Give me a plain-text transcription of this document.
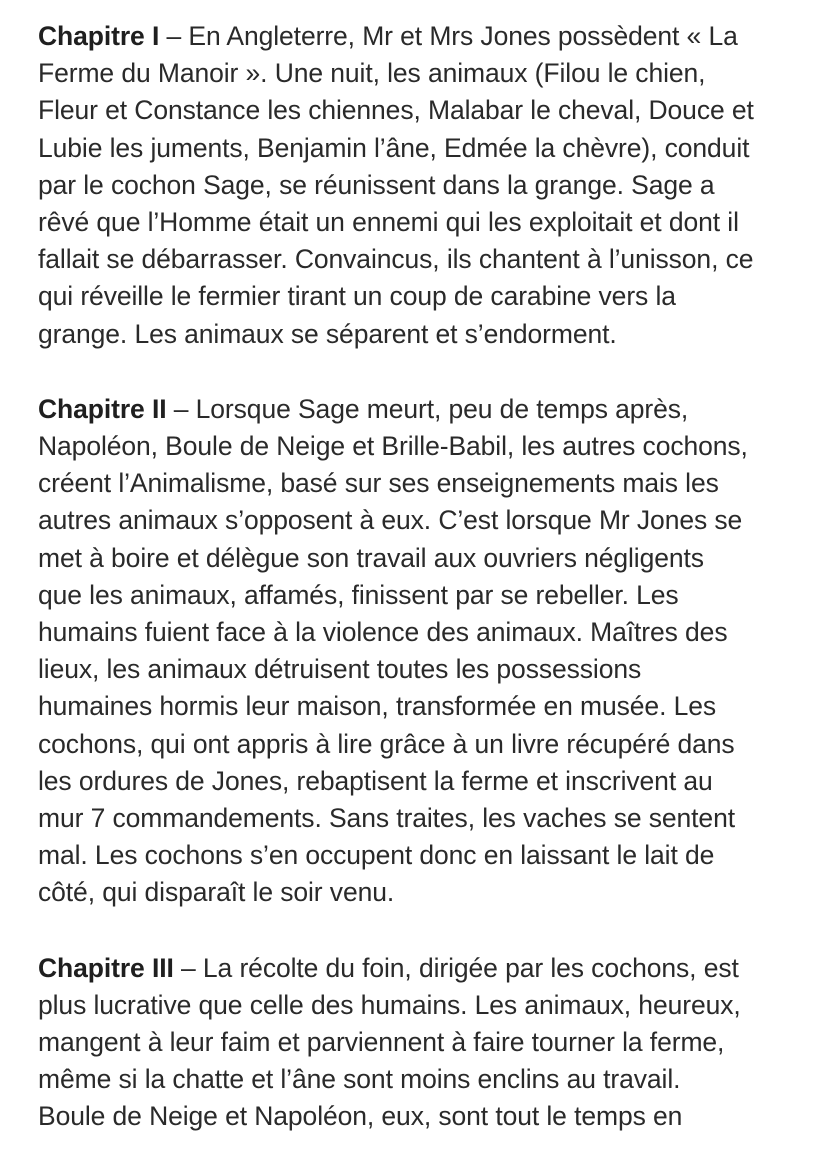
Chapitre I – En Angleterre, Mr et Mrs Jones possèdent « La
Ferme du Manoir ». Une nuit, les animaux (Filou le chien,
Fleur et Constance les chiennes, Malabar le cheval, Douce et
Lubie les juments, Benjamin l’âne, Edmée la chèvre), conduit
par le cochon Sage, se réunissent dans la grange. Sage a
rêvé que l’Homme était un ennemi qui les exploitait et dont il
fallait se débarrasser. Convaincus, ils chantent à l’unisson, ce
qui réveille le fermier tirant un coup de carabine vers la
grange. Les animaux se séparent et s’endorment.

Chapitre II – Lorsque Sage meurt, peu de temps après,
Napoléon, Boule de Neige et Brille-Babil, les autres cochons,
créent l’Animalisme, basé sur ses enseignements mais les
autres animaux s’opposent à eux. C’est lorsque Mr Jones se
met à boire et délègue son travail aux ouvriers négligents
que les animaux, affamés, finissent par se rebeller. Les
humains fuient face à la violence des animaux. Maîtres des
lieux, les animaux détruisent toutes les possessions
humaines hormis leur maison, transformée en musée. Les
cochons, qui ont appris à lire grâce à un livre récupéré dans
les ordures de Jones, rebaptisent la ferme et inscrivent au
mur 7 commandements. Sans traites, les vaches se sentent
mal. Les cochons s’en occupent donc en laissant le lait de
côté, qui disparaît le soir venu.

Chapitre III – La récolte du foin, dirigée par les cochons, est
plus lucrative que celle des humains. Les animaux, heureux,
mangent à leur faim et parviennent à faire tourner la ferme,
même si la chatte et l’âne sont moins enclins au travail.
Boule de Neige et Napoléon, eux, sont tout le temps en
